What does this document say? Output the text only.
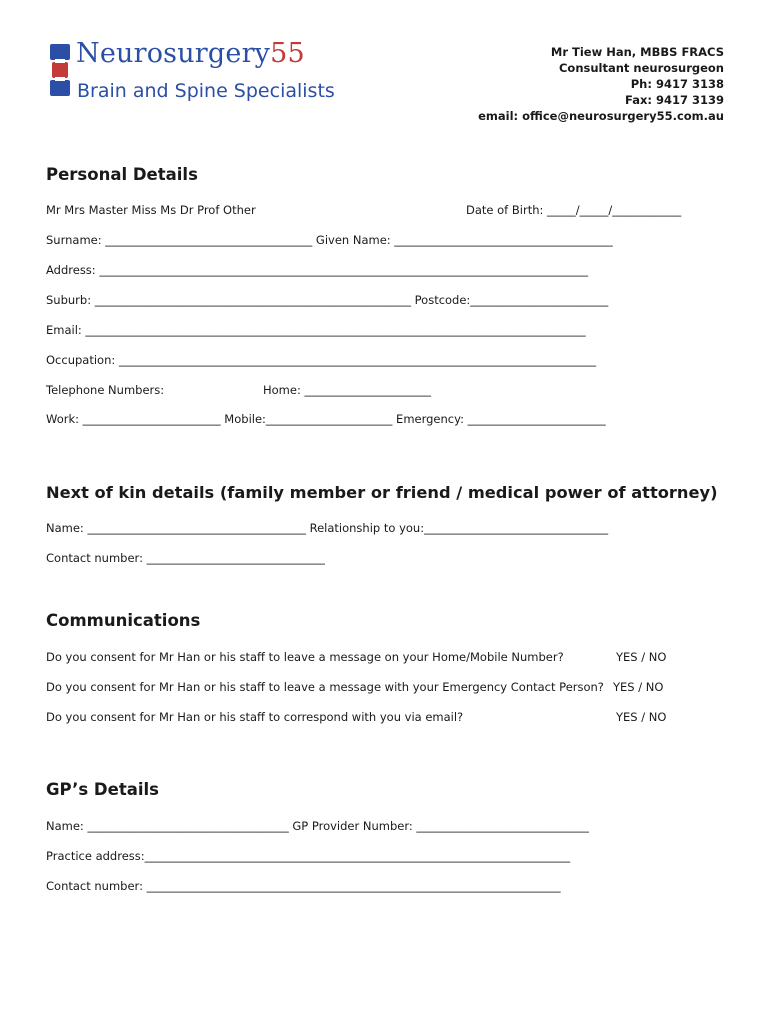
Neurosurgery55
Brain and Spine Specialists
Mr Tiew Han, MBBS FRACS
Consultant neurosurgeon
Ph: 9417 3138
Fax: 9417 3139
email: office@neurosurgery55.com.au
Personal Details
Mr Mrs Master Miss Ms Dr Prof Other	Date of Birth: _____/_____/____________
Surname: ____________________________________ Given Name: ______________________________________
Address: _____________________________________________________________________________________
Suburb: _______________________________________________________ Postcode:________________________
Email: _______________________________________________________________________________________
Occupation: ___________________________________________________________________________________
Telephone Numbers:	Home: ______________________
Work: ________________________ Mobile:______________________ Emergency: ________________________
Next of kin details (family member or friend / medical power of attorney)
Name: ______________________________________ Relationship to you:________________________________
Contact number: _______________________________
Communications
Do you consent for Mr Han or his staff to leave a message on your Home/Mobile Number?	YES / NO
Do you consent for Mr Han or his staff to leave a message with your Emergency Contact Person? YES / NO
Do you consent for Mr Han or his staff to correspond with you via email?	YES / NO
GP’s Details
Name: ___________________________________ GP Provider Number: ______________________________
Practice address:__________________________________________________________________________
Contact number: ________________________________________________________________________
